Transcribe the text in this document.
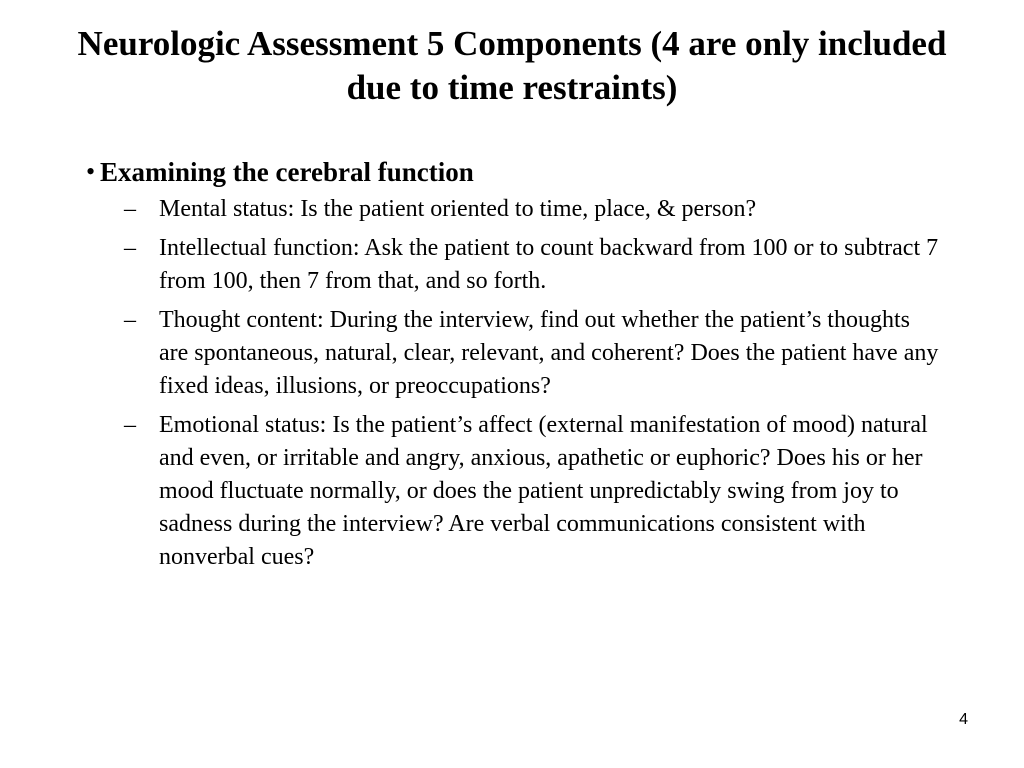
Neurologic Assessment 5 Components (4 are only included due to time restraints)
• Examining the cerebral function
– Mental status: Is the patient oriented to time, place, & person?
– Intellectual function: Ask the patient to count backward from 100 or to subtract 7 from 100, then 7 from that, and so forth.
– Thought content: During the interview, find out whether the patient’s thoughts are spontaneous, natural, clear, relevant, and coherent? Does the patient have any fixed ideas, illusions, or preoccupations?
– Emotional status: Is the patient’s affect (external manifestation of mood) natural and even, or irritable and angry, anxious, apathetic or euphoric? Does his or her mood fluctuate normally, or does the patient unpredictably swing from joy to sadness during the interview? Are verbal communications consistent with nonverbal cues?
4
